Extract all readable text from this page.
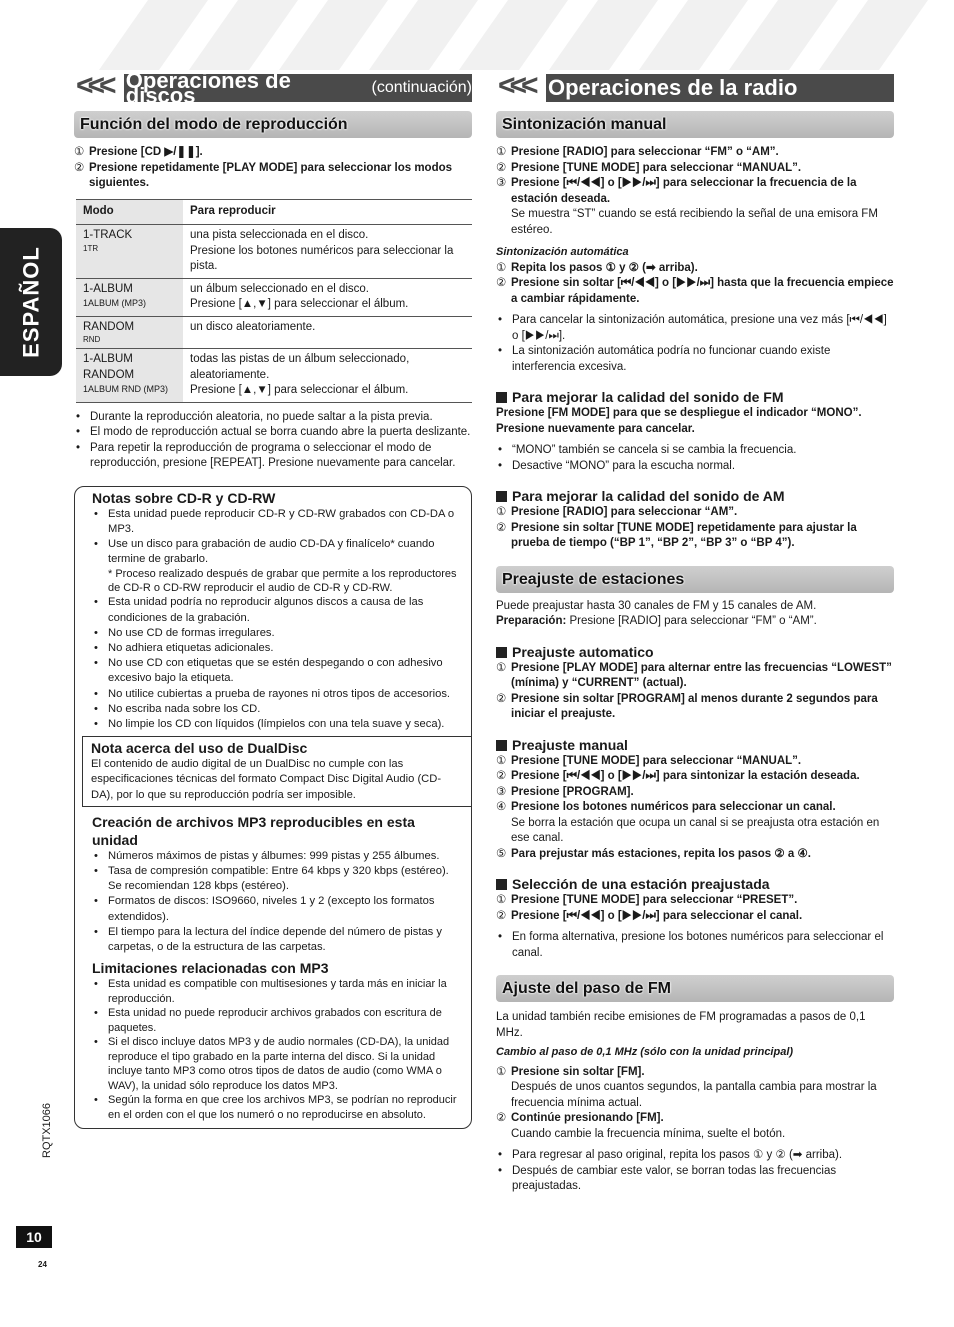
ESPAÑOL
<<< Operaciones de discos	(continuación)
Función del modo de reproducción

① Presione [CD ▶/❚❚].

② Presione repetidamente [PLAY MODE] para seleccionar los modos siguientes.

Modo	Para reproducir
1-TRACK
1TR	una pista seleccionada en el disco.
Presione los botones numéricos para seleccionar la pista.
1-ALBUM
1ALBUM (MP3)	un álbum seleccionado en el disco.
Presione [▲,▼] para seleccionar el álbum.
RANDOM
RND	un disco aleatoriamente.
1-ALBUM
RANDOM
1ALBUM RND (MP3)	todas las pistas de un álbum seleccionado, aleatoriamente.
Presione [▲,▼] para seleccionar el álbum.
• Durante la reproducción aleatoria, no puede saltar a la pista previa.
• El modo de reproducción actual se borra cuando abre la puerta deslizante.
• Para repetir la reproducción de programa o seleccionar el modo de reproducción, presione [REPEAT]. Presione nuevamente para cancelar.
Notas sobre CD-R y CD-RW
• Esta unidad puede reproducir CD-R y CD-RW grabados con CD-DA o MP3.
• Use un disco para grabación de audio CD-DA y finalícelo* cuando termine de grabarlo.

* Proceso realizado después de grabar que permite a los reproductores de CD-R o CD-RW reproducir el audio de CD-R y CD-RW.

• Esta unidad podría no reproducir algunos discos a causa de las condiciones de la grabación.
• No use CD de formas irregulares.
• No adhiera etiquetas adicionales.
• No use CD con etiquetas que se estén despegando o con adhesivo excesivo bajo la etiqueta.
• No utilice cubiertas a prueba de rayones ni otros tipos de accesorios.
• No escriba nada sobre los CD.
• No limpie los CD con líquidos (límpielos con una tela suave y seca).
Nota acerca del uso de DualDisc

El contenido de audio digital de un DualDisc no cumple con las especificaciones técnicas del formato Compact Disc Digital Audio (CD-DA), por lo que su reproducción podría ser imposible.

Creación de archivos MP3 reproducibles en esta unidad
• Números máximos de pistas y álbumes: 999 pistas y 255 álbumes.
• Tasa de compresión compatible: Entre 64 kbps y 320 kbps (estéreo). Se recomiendan 128 kbps (estéreo).
• Formatos de discos: ISO9660, niveles 1 y 2 (excepto los formatos extendidos).
• El tiempo para la lectura del índice depende del número de pistas y carpetas, o de la estructura de las carpetas.
Limitaciones relacionadas con MP3
• Esta unidad es compatible con multisesiones y tarda más en iniciar la reproducción.
• Esta unidad no puede reproducir archivos grabados con escritura de paquetes.
• Si el disco incluye datos MP3 y de audio normales (CD-DA), la unidad reproduce el tipo grabado en la parte interna del disco. Si la unidad incluye tanto MP3 como otros tipos de datos de audio (como WMA o WAV), la unidad sólo reproduce los datos MP3.
• Según la forma en que cree los archivos MP3, se podrían no reproducir en el orden con el que los numeró o no reproducirse en absoluto.
<<< Operaciones de la radio
Sintonización manual

① Presione [RADIO] para seleccionar “FM” o “AM”.

② Presione [TUNE MODE] para seleccionar “MANUAL”.

③ Presione [⏮/◀◀] o [▶▶/⏭] para seleccionar la frecuencia de la estación deseada.

Se muestra “ST” cuando se está recibiendo la señal de una emisora FM estéreo.

Sintonización automática

① Repita los pasos ① y ② (➡ arriba).

② Presione sin soltar [⏮/◀◀] o [▶▶/⏭] hasta que la frecuencia empiece a cambiar rápidamente.

• Para cancelar la sintonización automática, presione una vez más [⏮/◀◀] o [▶▶/⏭].
• La sintonización automática podría no funcionar cuando existe interferencia excesiva.
Para mejorar la calidad del sonido de FM

Presione [FM MODE] para que se despliegue el indicador “MONO”. Presione nuevamente para cancelar.

• “MONO” también se cancela si se cambia la frecuencia.
• Desactive “MONO” para la escucha normal.
Para mejorar la calidad del sonido de AM

① Presione [RADIO] para seleccionar “AM”.

② Presione sin soltar [TUNE MODE] repetidamente para ajustar la prueba de tiempo (“BP 1”, “BP 2”, “BP 3” o “BP 4”).

Preajuste de estaciones

Puede preajustar hasta 30 canales de FM y 15 canales de AM.

Preparación: Presione [RADIO] para seleccionar “FM” o “AM”.

Preajuste automatico

① Presione [PLAY MODE] para alternar entre las frecuencias “LOWEST” (mínima) y “CURRENT” (actual).

② Presione sin soltar [PROGRAM] al menos durante 2 segundos para iniciar el preajuste.

Preajuste manual

① Presione [TUNE MODE] para seleccionar “MANUAL”.

② Presione [⏮/◀◀] o [▶▶/⏭] para sintonizar la estación deseada.

③ Presione [PROGRAM].

④ Presione los botones numéricos para seleccionar un canal.

Se borra la estación que ocupa un canal si se preajusta otra estación en ese canal.

⑤ Para prejustar más estaciones, repita los pasos ② a ④.

Selección de una estación preajustada

① Presione [TUNE MODE] para seleccionar “PRESET”.

② Presione [⏮/◀◀] o [▶▶/⏭] para seleccionar el canal.

• En forma alternativa, presione los botones numéricos para seleccionar el canal.
Ajuste del paso de FM

La unidad también recibe emisiones de FM programadas a pasos de 0,1 MHz.

Cambio al paso de 0,1 MHz (sólo con la unidad principal)

① Presione sin soltar [FM].

Después de unos cuantos segundos, la pantalla cambia para mostrar la frecuencia mínima actual.

② Continúe presionando [FM].

Cuando cambie la frecuencia mínima, suelte el botón.

• Para regresar al paso original, repita los pasos ① y ② (➡ arriba).
• Después de cambiar este valor, se borran todas las frecuencias preajustadas.
RQTX1066
10
24
